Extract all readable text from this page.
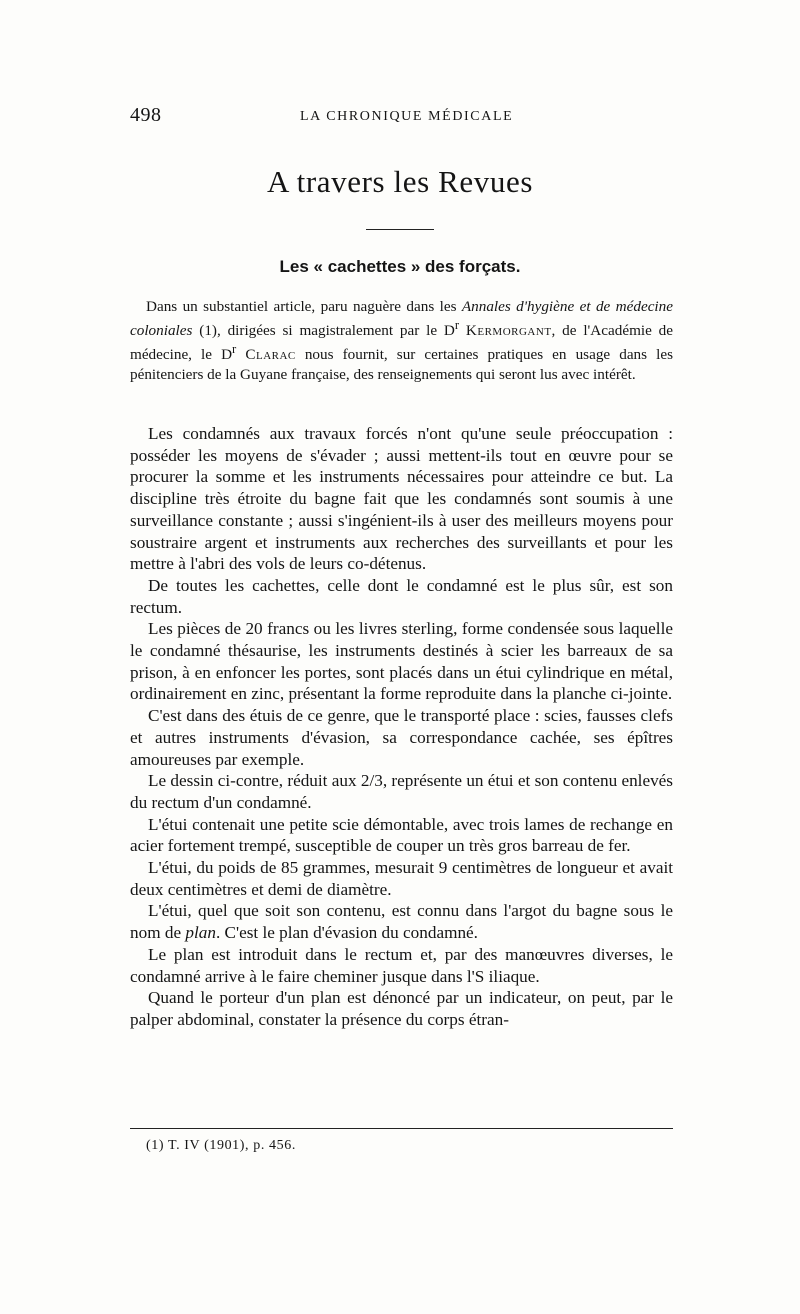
498	LA CHRONIQUE MÉDICALE
A travers les Revues
Les « cachettes » des forçats.

Dans un substantiel article, paru naguère dans les Annales d'hygiène et de médecine coloniales (1), dirigées si magistralement par le $D^r$ Kermorgant, de l'Académie de médecine, le $D^r$ Clarac nous fournit, sur certaines pratiques en usage dans les pénitenciers de la Guyane française, des renseignements qui seront lus avec intérêt.

Les condamnés aux travaux forcés n'ont qu'une seule préoccupation : posséder les moyens de s'évader ; aussi mettent-ils tout en œuvre pour se procurer la somme et les instruments nécessaires pour atteindre ce but. La discipline très étroite du bagne fait que les condamnés sont soumis à une surveillance constante ; aussi s'ingénient-ils à user des meilleurs moyens pour soustraire argent et instruments aux recherches des surveillants et pour les mettre à l'abri des vols de leurs co-détenus.

De toutes les cachettes, celle dont le condamné est le plus sûr, est son rectum.

Les pièces de 20 francs ou les livres sterling, forme condensée sous laquelle le condamné thésaurise, les instruments destinés à scier les barreaux de sa prison, à en enfoncer les portes, sont placés dans un étui cylindrique en métal, ordinairement en zinc, présentant la forme reproduite dans la planche ci-jointe.

C'est dans des étuis de ce genre, que le transporté place : scies, fausses clefs et autres instruments d'évasion, sa correspondance cachée, ses épîtres amoureuses par exemple.

Le dessin ci-contre, réduit aux 2/3, représente un étui et son contenu enlevés du rectum d'un condamné.

L'étui contenait une petite scie démontable, avec trois lames de rechange en acier fortement trempé, susceptible de couper un très gros barreau de fer.

L'étui, du poids de 85 grammes, mesurait 9 centimètres de longueur et avait deux centimètres et demi de diamètre.

L'étui, quel que soit son contenu, est connu dans l'argot du bagne sous le nom de plan. C'est le plan d'évasion du condamné.

Le plan est introduit dans le rectum et, par des manœuvres diverses, le condamné arrive à le faire cheminer jusque dans l'S iliaque.

Quand le porteur d'un plan est dénoncé par un indicateur, on peut, par le palper abdominal, constater la présence du corps étran-

(1) T. IV (1901), p. 456.
